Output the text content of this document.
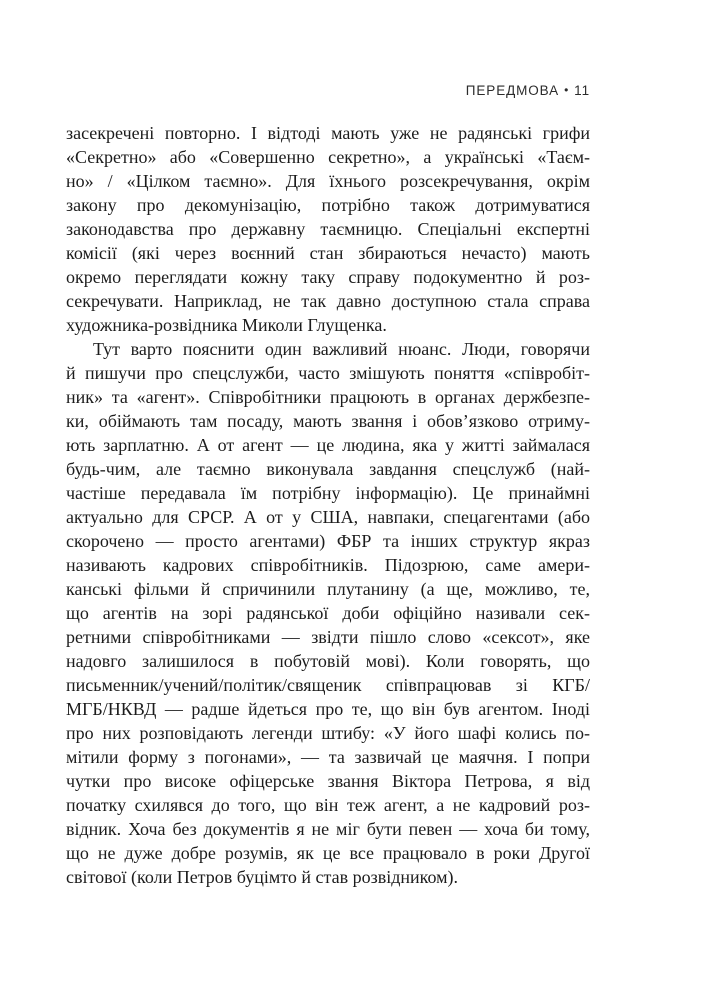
ПЕРЕДМОВА • 11
засекречені повторно. І відтоді мають уже не радянські грифи
«Секретно» або «Совершенно секретно», а українські «Таєм-
но» / «Цілком таємно». Для їхнього розсекречування, окрім
закону про декомунізацію, потрібно також дотримуватися
законодавства про державну таємницю. Спеціальні експертні
комісії (які через воєнний стан збираються нечасто) мають
окремо переглядати кожну таку справу подокументно й роз-
секречувати. Наприклад, не так давно доступною стала справа
художника-розвідника Миколи Глущенка.
Тут варто пояснити один важливий нюанс. Люди, говорячи
й пишучи про спецслужби, часто змішують поняття «співробіт-
ник» та «агент». Співробітники працюють в органах держбезпе-
ки, обіймають там посаду, мають звання і обов’язково отриму-
ють зарплатню. А от агент — це людина, яка у житті займалася
будь-чим, але таємно виконувала завдання спецслужб (най-
частіше передавала їм потрібну інформацію). Це принаймні
актуально для СРСР. А от у США, навпаки, спецагентами (або
скорочено — просто агентами) ФБР та інших структур якраз
називають кадрових співробітників. Підозрюю, саме амери-
канські фільми й спричинили плутанину (а ще, можливо, те,
що агентів на зорі радянської доби офіційно називали сек-
ретними співробітниками — звідти пішло слово «сексот», яке
надовго залишилося в побутовій мові). Коли говорять, що
письменник/учений/політик/священик співпрацював зі КГБ/
МГБ/НКВД — радше йдеться про те, що він був агентом. Іноді
про них розповідають легенди штибу: «У його шафі колись по-
мітили форму з погонами», — та зазвичай це маячня. І попри
чутки про високе офіцерське звання Віктора Петрова, я від
початку схилявся до того, що він теж агент, а не кадровий роз-
відник. Хоча без документів я не міг бути певен — хоча би тому,
що не дуже добре розумів, як це все працювало в роки Другої
світової (коли Петров буцімто й став розвідником).
